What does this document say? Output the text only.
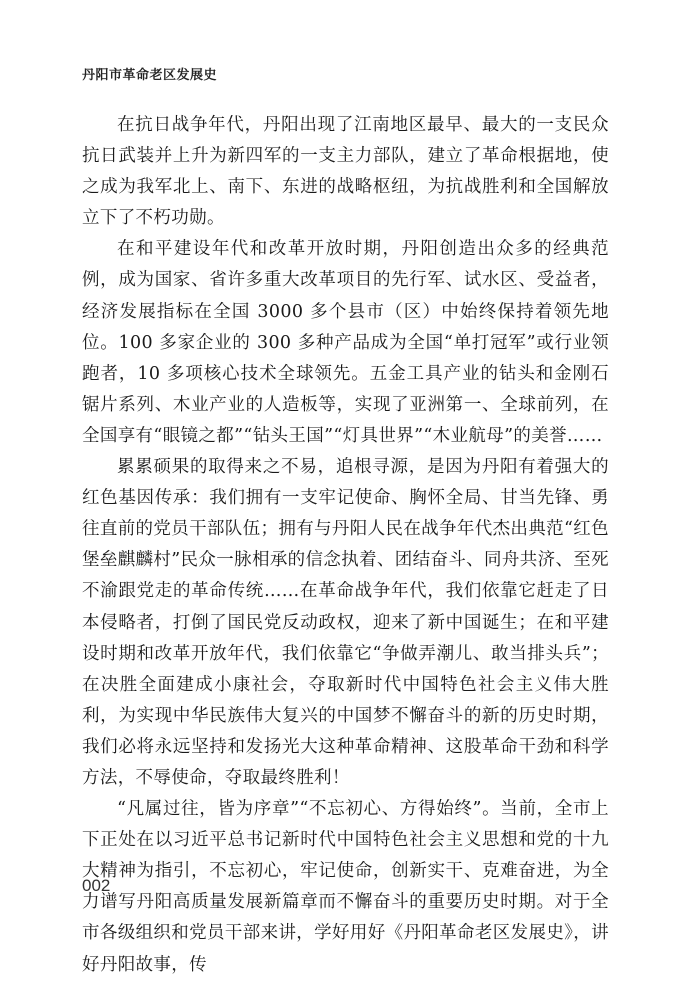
丹阳市革命老区发展史

在抗日战争年代，丹阳出现了江南地区最早、最大的一支民众抗日武装并上升为新四军的一支主力部队，建立了革命根据地，使之成为我军北上、南下、东进的战略枢纽，为抗战胜利和全国解放立下了不朽功勋。

在和平建设年代和改革开放时期，丹阳创造出众多的经典范例，成为国家、省许多重大改革项目的先行军、试水区、受益者，经济发展指标在全国 3000 多个县市（区）中始终保持着领先地位。100 多家企业的 300 多种产品成为全国“单打冠军”或行业领跑者，10 多项核心技术全球领先。五金工具产业的钻头和金刚石锯片系列、木业产业的人造板等，实现了亚洲第一、全球前列，在全国享有“眼镜之都”“钻头王国”“灯具世界”“木业航母”的美誉……

累累硕果的取得来之不易，追根寻源，是因为丹阳有着强大的红色基因传承：我们拥有一支牢记使命、胸怀全局、甘当先锋、勇往直前的党员干部队伍；拥有与丹阳人民在战争年代杰出典范“红色堡垒麒麟村”民众一脉相承的信念执着、团结奋斗、同舟共济、至死不渝跟党走的革命传统……在革命战争年代，我们依靠它赶走了日本侵略者，打倒了国民党反动政权，迎来了新中国诞生；在和平建设时期和改革开放年代，我们依靠它“争做弄潮儿、敢当排头兵”；在决胜全面建成小康社会，夺取新时代中国特色社会主义伟大胜利，为实现中华民族伟大复兴的中国梦不懈奋斗的新的历史时期，我们必将永远坚持和发扬光大这种革命精神、这股革命干劲和科学方法，不辱使命，夺取最终胜利！

“凡属过往，皆为序章”“不忘初心、方得始终”。当前，全市上下正处在以习近平总书记新时代中国特色社会主义思想和党的十九大精神为指引，不忘初心，牢记使命，创新实干、克难奋进，为全力谱写丹阳高质量发展新篇章而不懈奋斗的重要历史时期。对于全市各级组织和党员干部来讲，学好用好《丹阳革命老区发展史》，讲好丹阳故事，传

002
